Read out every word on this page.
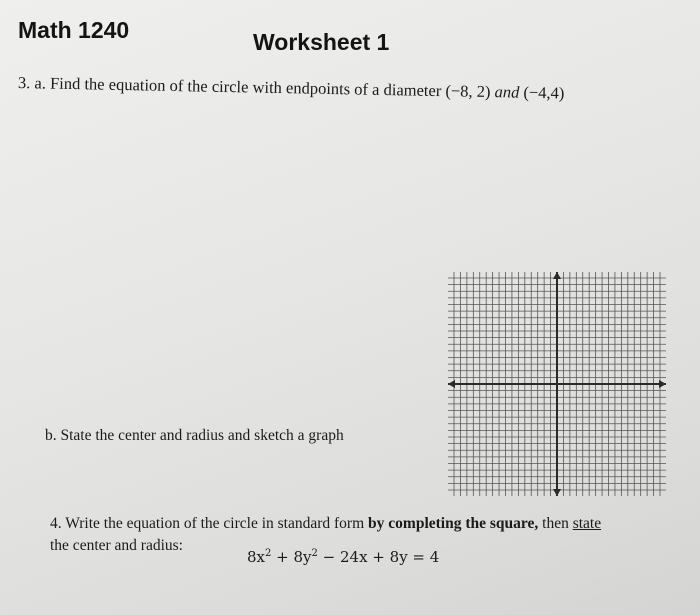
Math 1240	Worksheet 1
3. a. Find the equation of the circle with endpoints of a diameter (−8, 2) and (−4,4)
b. State the center and radius and sketch a graph
4. Write the equation of the circle in standard form by completing the square, then state
the center and radius:
$8x^2 + 8y^2 - 24x + 8y = 4$
